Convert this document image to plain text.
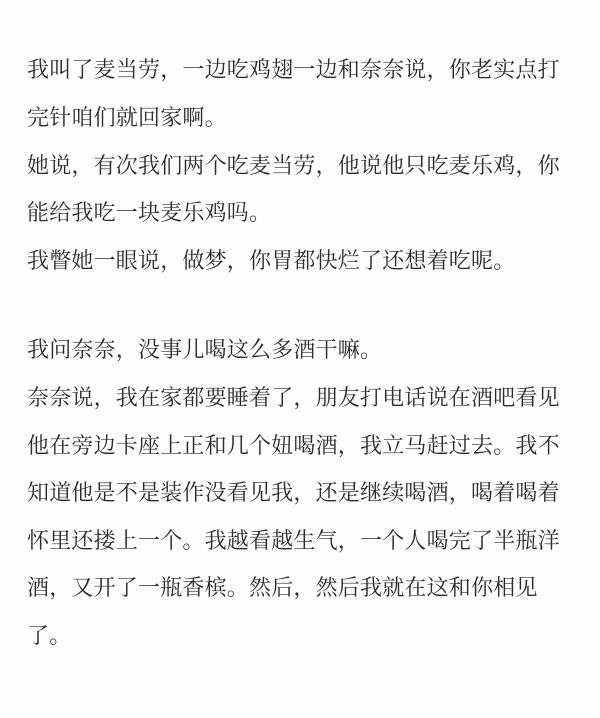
我叫了麦当劳，一边吃鸡翅一边和奈奈说，你老实点打
完针咱们就回家啊。
她说，有次我们两个吃麦当劳，他说他只吃麦乐鸡，你
能给我吃一块麦乐鸡吗。
我瞥她一眼说，做梦，你胃都快烂了还想着吃呢。
我问奈奈，没事儿喝这么多酒干嘛。
奈奈说，我在家都要睡着了，朋友打电话说在酒吧看见
他在旁边卡座上正和几个妞喝酒，我立马赶过去。我不
知道他是不是装作没看见我，还是继续喝酒，喝着喝着
怀里还搂上一个。我越看越生气，一个人喝完了半瓶洋
酒，又开了一瓶香槟。然后，然后我就在这和你相见
了。
